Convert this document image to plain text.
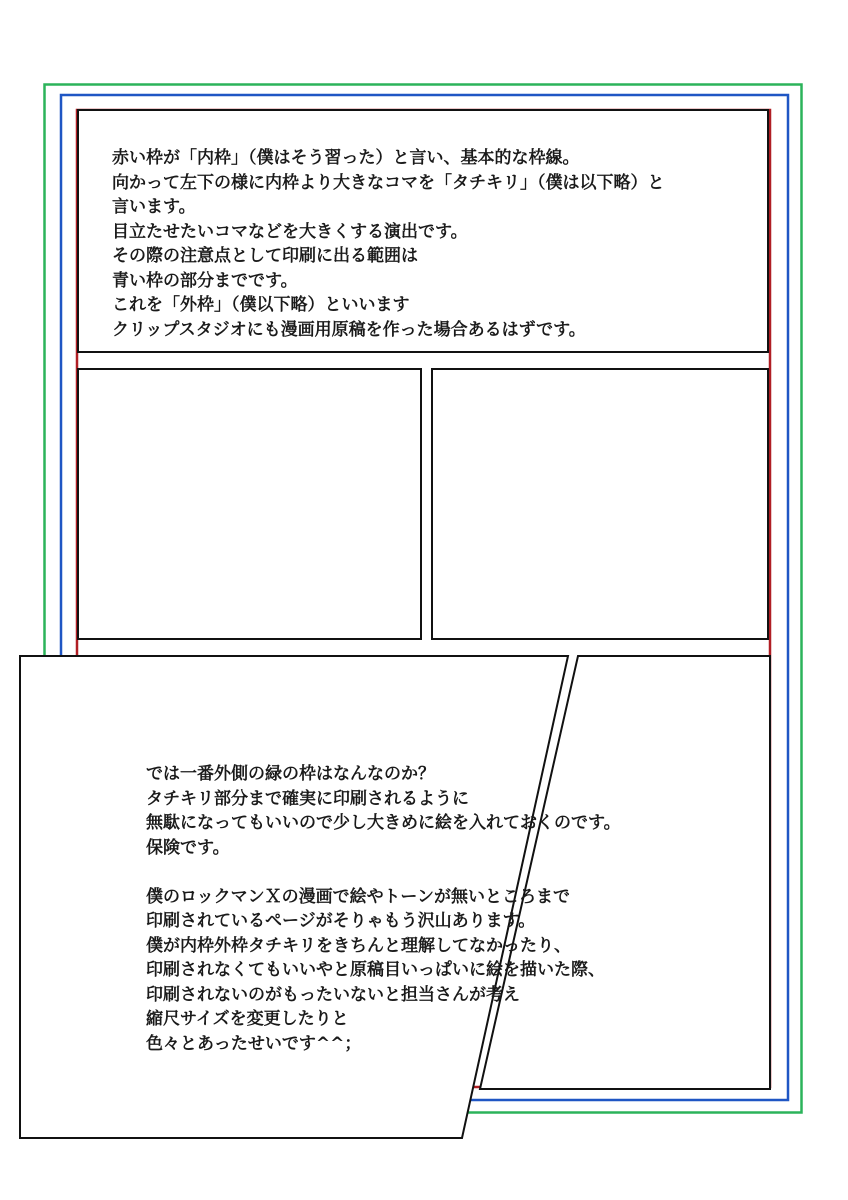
赤い枠が「内枠」（僕はそう習った）と言い、基本的な枠線。
向かって左下の様に内枠より大きなコマを「タチキリ」（僕は以下略）と
言います。
目立たせたいコマなどを大きくする演出です。
その際の注意点として印刷に出る範囲は
青い枠の部分までです。
これを「外枠」（僕以下略）といいます
クリップスタジオにも漫画用原稿を作った場合あるはずです。
では一番外側の緑の枠はなんなのか？
タチキリ部分まで確実に印刷されるように
無駄になってもいいので少し大きめに絵を入れておくのです。
保険です。
僕のロックマンＸの漫画で絵やトーンが無いところまで
印刷されているページがそりゃもう沢山あります。
僕が内枠外枠タチキリをきちんと理解してなかったり、
印刷されなくてもいいやと原稿目いっぱいに絵を描いた際、
印刷されないのがもったいないと担当さんが考え
縮尺サイズを変更したりと
色々とあったせいです^^；
